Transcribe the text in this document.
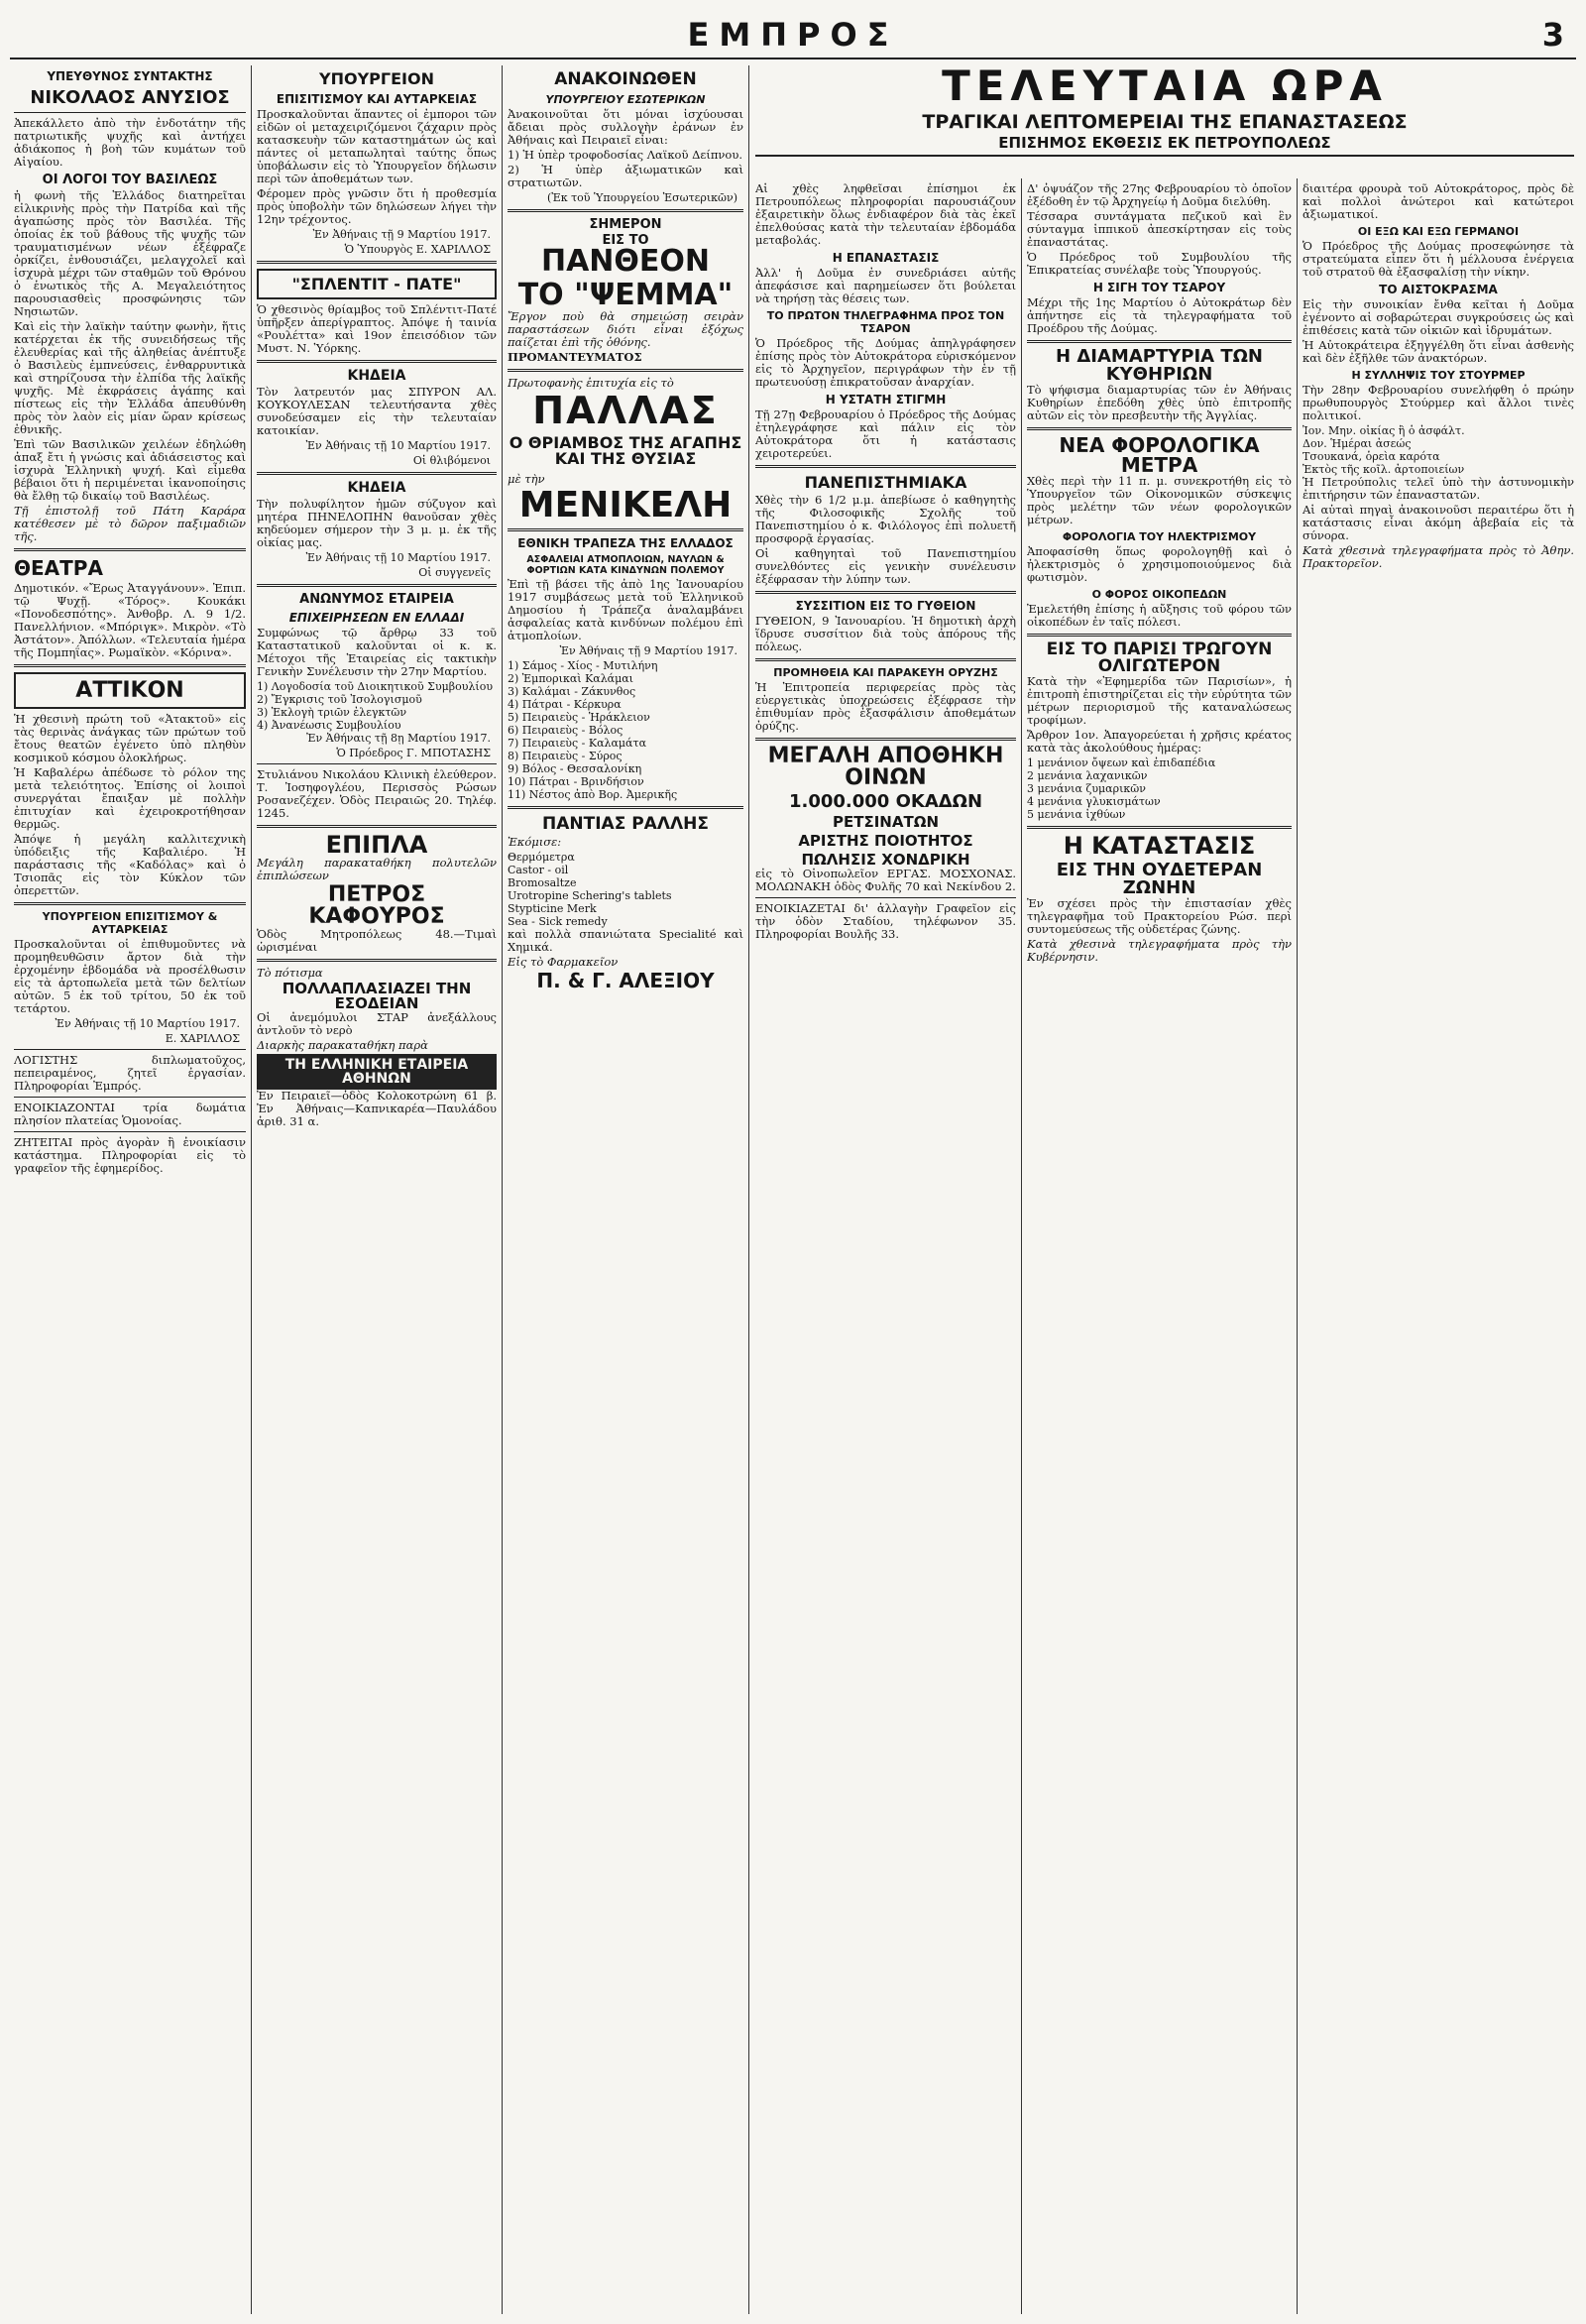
ΕΜΠΡΟΣ	3
ΥΠΕΥΘΥΝΟΣ ΣΥΝΤΑΚΤΗΣ
ΝΙΚΟΛΑΟΣ ΑΝΥΣΙΟΣ

Ἀπεκάλλετο ἀπὸ τὴν ἐνδοτάτην τῆς πατριωτικῆς ψυχῆς καὶ ἀντήχει ἀδιάκοπος ἡ βοὴ τῶν κυμάτων τοῦ Αἰγαίου.

ΟΙ ΛΟΓΟΙ ΤΟΥ ΒΑΣΙΛΕΩΣ

ἡ φωνὴ τῆς Ἑλλάδος διατηρεῖται εἰλικρινὴς πρὸς τὴν Πατρίδα καὶ τῆς ἀγαπώσης πρὸς τὸν Βασιλέα. Τῆς ὁποίας ἐκ τοῦ βάθους τῆς ψυχῆς τῶν τραυματισμένων νέων ἐξέφραζε ὁρκίζει, ἐνθουσιάζει, μελαγχολεῖ καὶ ἰσχυρὰ μέχρι τῶν σταθμῶν τοῦ Θρόνου ὁ ἑνωτικὸς τῆς Α. Μεγαλειότητος παρουσιασθεὶς προσφώνησις τῶν Νησιωτῶν.

Καὶ εἰς τὴν λαϊκὴν ταύτην φωνὴν, ἥτις κατέρχεται ἐκ τῆς συνειδήσεως τῆς ἐλευθερίας καὶ τῆς ἀληθείας ἀνέπτυξε ὁ Βασιλεὺς ἐμπνεύσεις, ἐνθαρρυντικὰ καὶ στηρίζουσα τὴν ἐλπίδα τῆς λαϊκῆς ψυχῆς. Μὲ ἐκφράσεις ἀγάπης καὶ πίστεως εἰς τὴν Ἑλλάδα ἀπευθύνθη πρὸς τὸν λαὸν εἰς μίαν ὥραν κρίσεως ἐθνικῆς.

Ἐπὶ τῶν Βασιλικῶν χειλέων ἐδηλώθη ἀπαξ ἔτι ἡ γνώσις καὶ ἀδιάσειστος καὶ ἰσχυρὰ Ἑλληνικὴ ψυχή. Καὶ εἶμεθα βέβαιοι ὅτι ἡ περιμένεται ἱκανοποίησις θὰ ἔλθῃ τῷ δικαίῳ τοῦ Βασιλέως.

Τῇ ἐπιστολῇ τοῦ Πάτη Καράρα κατέθεσεν μὲ τὸ δῶρον παξιμαδιῶν τῆς.

ΘΕΑΤΡΑ

Δημοτικόν. «Ἔρως Ἀταγγάνουν». Ἐπιπ. τῷ Ψυχῇ. «Τόρος». Κουκάκι «Πονοδεσπότης». Ἀνθοβρ. Λ. 9 1/2. Πανελλήνιον. «Μπόριγκ». Μικρὸν. «Τὸ Ἀστάτον». Ἀπόλλων. «Τελευταία ἡμέρα τῆς Πομπηΐας». Ρωμαϊκὸν. «Κόρινα».

ΑΤΤΙΚΟΝ

Ἡ χθεσινὴ πρώτη τοῦ «Ἀτακτοῦ» εἰς τὰς θερινὰς ἀνάγκας τῶν πρώτων τοῦ ἔτους θεατῶν ἐγένετο ὑπὸ πληθὺν κοσμικοῦ κόσμου ὀλοκλήρως.

Ἡ Καβαλέρω ἀπέδωσε τὸ ρόλον της μετὰ τελειότητος. Ἐπίσης οἱ λοιποὶ συνεργάται ἔπαιξαν μὲ πολλὴν ἐπιτυχίαν καὶ ἐχειροκροτήθησαν θερμῶς.

Ἀπόψε ἡ μεγάλη καλλιτεχνικὴ ὑπόδειξις τῆς Καβαλιέρο. Ἡ παράστασις τῆς «Καδόλας» καὶ ὁ Τσιοπᾶς εἰς τὸν Κύκλον τῶν ὀπερεττῶν.

ΥΠΟΥΡΓΕΙΟΝ ΕΠΙΣΙΤΙΣΜΟΥ & ΑΥΤΑΡΚΕΙΑΣ

Προσκαλοῦνται οἱ ἐπιθυμοῦντες νὰ προμηθευθῶσιν ἄρτον διὰ τὴν ἐρχομένην ἑβδομάδα νὰ προσέλθωσιν εἰς τὰ ἀρτοπωλεῖα μετὰ τῶν δελτίων αὐτῶν. 5 ἐκ τοῦ τρίτου, 50 ἐκ τοῦ τετάρτου.

Ἐν Ἀθήναις τῇ 10 Μαρτίου 1917.
Ε. ΧΑΡΙΛΛΟΣ

ΛΟΓΙΣΤΗΣ διπλωματοῦχος, πεπειραμένος, ζητεῖ ἐργασίαν. Πληροφορίαι Ἐμπρός.

ΕΝΟΙΚΙΑΖΟΝΤΑΙ τρία δωμάτια πλησίον πλατείας Ὁμονοίας.

ΖΗΤΕΙΤΑΙ πρὸς ἀγορὰν ἢ ἐνοικίασιν κατάστημα. Πληροφορίαι εἰς τὸ γραφεῖον τῆς ἐφημερίδος.

ΥΠΟΥΡΓΕΙΟΝ
ΕΠΙΣΙΤΙΣΜΟΥ ΚΑΙ ΑΥΤΑΡΚΕΙΑΣ

Προσκαλοῦνται ἅπαντες οἱ ἐμποροι τῶν εἰδῶν οἱ μεταχειριζόμενοι ζάχαριν πρὸς κατασκευὴν τῶν καταστημάτων ὡς καὶ πάντες οἱ μεταπωληταὶ ταύτης ὅπως ὑποβάλωσιν εἰς τὸ Ὑπουργεῖον δήλωσιν περὶ τῶν ἀποθεμάτων των.

Φέρομεν πρὸς γνῶσιν ὅτι ἡ προθεσμία πρὸς ὑποβολὴν τῶν δηλώσεων λήγει τὴν 12ην τρέχοντος.

Ἐν Ἀθήναις τῇ 9 Μαρτίου 1917.
Ὁ Ὑπουργὸς Ε. ΧΑΡΙΛΛΟΣ
"ΣΠΛΕΝΤΙΤ - ΠΑΤΕ"

Ὁ χθεσινὸς θρίαμβος τοῦ Σπλέντιτ-Πατέ ὑπῆρξεν ἀπερίγραπτος. Ἀπόψε ἡ ταινία «Ρουλέττα» καὶ 19ον ἐπεισόδιον τῶν Μυστ. Ν. Ὑόρκης.

ΚΗΔΕΙΑ

Τὸν λατρευτόν μας ΣΠΥΡΟΝ ΑΛ. ΚΟΥΚΟΥΛΕΣΑΝ τελευτήσαντα χθὲς συνοδεύσαμεν εἰς τὴν τελευταίαν κατοικίαν.

Ἐν Ἀθήναις τῇ 10 Μαρτίου 1917.
Οἱ θλιβόμενοι
ΚΗΔΕΙΑ

Τὴν πολυφίλητον ἡμῶν σύζυγον καὶ μητέρα ΠΗΝΕΛΟΠΗΝ θανοῦσαν χθὲς κηδεύομεν σήμερον τὴν 3 μ. μ. ἐκ τῆς οἰκίας μας.

Ἐν Ἀθήναις τῇ 10 Μαρτίου 1917.
Οἱ συγγενεῖς
ΑΝΩΝΥΜΟΣ ΕΤΑΙΡΕΙΑ
ΕΠΙΧΕΙΡΗΣΕΩΝ ΕΝ ΕΛΛΑΔΙ

Συμφώνως τῷ ἄρθρῳ 33 τοῦ Καταστατικοῦ καλοῦνται οἱ κ. κ. Μέτοχοι τῆς Ἑταιρείας εἰς τακτικὴν Γενικὴν Συνέλευσιν τὴν 27ην Μαρτίου.

1) Λογοδοσία τοῦ Διοικητικοῦ Συμβουλίου
2) Ἔγκρισις τοῦ Ἰσολογισμοῦ
3) Ἐκλογὴ τριῶν ἐλεγκτῶν
4) Ἀνανέωσις Συμβουλίου
Ἐν Ἀθήναις τῇ 8ῃ Μαρτίου 1917.
Ὁ Πρόεδρος Γ. ΜΠΟΤΑΣΗΣ

Στυλιάνου Νικολάου Κλινικὴ ἐλεύθερον. Τ. Ἰοσηφογλέου, Περισσὸς Ρώσων Ροσανεζέχεν. Ὁδὸς Πειραιῶς 20. Τηλέφ. 1245.

ΕΠΙΠΛΑ

Μεγάλη παρακαταθήκη πολυτελῶν ἐπιπλώσεων

ΠΕΤΡΟΣ ΚΑΦΟΥΡΟΣ

Ὁδὸς Μητροπόλεως 48.—Τιμαὶ ὡρισμέναι

Τὸ πότισμα

ΠΟΛΛΑΠΛΑΣΙΑΖΕΙ ΤΗΝ ΕΣΟΔΕΙΑΝ

Οἱ ἀνεμόμυλοι ΣΤΑΡ ἀνεξάλλους ἀντλοῦν τὸ νερὸ

Διαρκὴς παρακαταθήκη παρὰ

ΤΗ ΕΛΛΗΝΙΚΗ ΕΤΑΙΡΕΙΑ ΑΘΗΝΩΝ

Ἐν Πειραιεῖ—ὁδὸς Κολοκοτρώνη 61 β. Ἐν Ἀθήναις—Καπνικαρέα—Παυλάδου ἀριθ. 31 α.

ΑΝΑΚΟΙΝΩΘΕΝ
ΥΠΟΥΡΓΕΙΟΥ ΕΣΩΤΕΡΙΚΩΝ

Ἀνακοινοῦται ὅτι μόναι ἰσχύουσαι ἄδειαι πρὸς συλλογὴν ἐράνων ἐν Ἀθήναις καὶ Πειραιεῖ εἶναι:

1) Ἡ ὑπὲρ τροφοδοσίας Λαϊκοῦ Δείπνου.

2) Ἡ ὑπὲρ ἀξιωματικῶν καὶ στρατιωτῶν.

(Ἐκ τοῦ Ὑπουργείου Ἐσωτερικῶν)
ΣΗΜΕΡΟΝ
ΕΙΣ ΤΟ
ΠΑΝΘΕΟΝ
ΤΟ "ΨΕΜΜΑ"

Ἔργον ποὺ θὰ σημειώσῃ σειρὰν παραστάσεων διότι εἶναι ἐξόχως παίζεται ἐπὶ τῆς ὀθόνης.

ΠΡΟΜΑΝΤΕΥΜΑΤΟΣ

Πρωτοφανὴς ἐπιτυχία εἰς τὸ

ΠΑΛΛΑΣ
Ο ΘΡΙΑΜΒΟΣ ΤΗΣ ΑΓΑΠΗΣ ΚΑΙ ΤΗΣ ΘΥΣΙΑΣ

μὲ τὴν

ΜΕΝΙΚΕΛΗ
ΕΘΝΙΚΗ ΤΡΑΠΕΖΑ ΤΗΣ ΕΛΛΑΔΟΣ
ΑΣΦΑΛΕΙΑΙ ΑΤΜΟΠΛΟΙΩΝ, ΝΑΥΛΩΝ & ΦΟΡΤΙΩΝ ΚΑΤΑ ΚΙΝΔΥΝΩΝ ΠΟΛΕΜΟΥ

Ἐπὶ τῇ βάσει τῆς ἀπὸ 1ης Ἰανουαρίου 1917 συμβάσεως μετὰ τοῦ Ἑλληνικοῦ Δημοσίου ἡ Τράπεζα ἀναλαμβάνει ἀσφαλείας κατὰ κινδύνων πολέμου ἐπὶ ἀτμοπλοίων.

Ἐν Ἀθήναις τῇ 9 Μαρτίου 1917.
1) Σάμος - Χίος - Μυτιλήνη
2) Ἐμπορικαὶ Καλάμαι
3) Καλάμαι - Ζάκυνθος
4) Πάτραι - Κέρκυρα
5) Πειραιεὺς - Ἡράκλειον
6) Πειραιεὺς - Βόλος
7) Πειραιεὺς - Καλαμάτα
8) Πειραιεὺς - Σύρος
9) Βόλος - Θεσσαλονίκη
10) Πάτραι - Βρινδήσιον
11) Νέστος ἀπὸ Βορ. Ἀμερικῆς
ΠΑΝΤΙΑΣ ΡΑΛΛΗΣ

Ἐκόμισε:

Θερμόμετρα
Castor - oil
Bromosaltze
Urotropine Schering's tablets
Stypticine Merk
Sea - Sick remedy

καὶ πολλὰ σπανιώτατα Specialité καὶ Χημικά.

Εἰς τὸ Φαρμακεῖον

Π. & Γ. ΑΛΕΞΙΟΥ
ΤΕΛΕΥΤΑΙΑ ΩΡΑ
ΤΡΑΓΙΚΑΙ ΛΕΠΤΟΜΕΡΕΙΑΙ ΤΗΣ ΕΠΑΝΑΣΤΑΣΕΩΣ
ΕΠΙΣΗΜΟΣ ΕΚΘΕΣΙΣ ΕΚ ΠΕΤΡΟΥΠΟΛΕΩΣ

Αἱ χθὲς ληφθεῖσαι ἐπίσημοι ἐκ Πετρουπόλεως πληροφορίαι παρουσιάζουν ἐξαιρετικὴν ὅλως ἐνδιαφέρον διὰ τὰς ἐκεῖ ἐπελθούσας κατὰ τὴν τελευταίαν ἑβδομάδα μεταβολάς.

Η ΕΠΑΝΑΣΤΑΣΙΣ

Ἀλλ' ἡ Δοῦμα ἐν συνεδριάσει αὐτῆς ἀπεφάσισε καὶ παρημείωσεν ὅτι βούλεται νὰ τηρήσῃ τὰς θέσεις των.

ΤΟ ΠΡΩΤΟΝ ΤΗΛΕΓΡΑΦΗΜΑ ΠΡΟΣ ΤΟΝ ΤΣΑΡΟΝ

Ὁ Πρόεδρος τῆς Δούμας ἀπηλγράφησεν ἐπίσης πρὸς τὸν Αὐτοκράτορα εὑρισκόμενον εἰς τὸ Ἀρχηγεῖον, περιγράφων τὴν ἐν τῇ πρωτευούσῃ ἐπικρατοῦσαν ἀναρχίαν.

Η ΥΣΤΑΤΗ ΣΤΙΓΜΗ

Τῇ 27ῃ Φεβρουαρίου ὁ Πρόεδρος τῆς Δούμας ἐτηλεγράφησε καὶ πάλιν εἰς τὸν Αὐτοκράτορα ὅτι ἡ κατάστασις χειροτερεύει.

ΠΑΝΕΠΙΣΤΗΜΙΑΚΑ

Χθὲς τὴν 6 1/2 μ.μ. ἀπεβίωσε ὁ καθηγητὴς τῆς Φιλοσοφικῆς Σχολῆς τοῦ Πανεπιστημίου ὁ κ. Φιλόλογος ἐπὶ πολυετῆ προσφορᾷ ἐργασίας.

Οἱ καθηγηταὶ τοῦ Πανεπιστημίου συνελθόντες εἰς γενικὴν συνέλευσιν ἐξέφρασαν τὴν λύπην των.

ΣΥΣΣΙΤΙΟΝ ΕΙΣ ΤΟ ΓΥΘΕΙΟΝ

ΓΥΘΕΙΟΝ, 9 Ἰανουαρίου. Ἡ δημοτικὴ ἀρχὴ ἵδρυσε συσσίτιον διὰ τοὺς ἀπόρους τῆς πόλεως.

ΠΡΟΜΗΘΕΙΑ ΚΑΙ ΠΑΡΑΚΕΥΗ ΟΡΥΖΗΣ

Ἡ Ἐπιτροπεία περιφερείας πρὸς τὰς εὐεργετικὰς ὑποχρεώσεις ἐξέφρασε τὴν ἐπιθυμίαν πρὸς ἐξασφάλισιν ἀποθεμάτων ὀρύζης.

ΜΕΓΑΛΗ ΑΠΟΘΗΚΗ ΟΙΝΩΝ
1.000.000 ΟΚΑΔΩΝ
ΡΕΤΣΙΝΑΤΩΝ
ΑΡΙΣΤΗΣ ΠΟΙΟΤΗΤΟΣ
ΠΩΛΗΣΙΣ ΧΟΝΔΡΙΚΗ

εἰς τὸ Οἰνοπωλεῖον ΕΡΓΑΣ. ΜΟΣΧΟΝΑΣ. ΜΟΛΩΝΑΚΗ ὁδὸς Φυλῆς 70 καὶ Νεκίνδου 2.

ΕΝΟΙΚΙΑΖΕΤΑΙ δι' ἀλλαγὴν Γραφεῖον εἰς τὴν ὁδὸν Σταδίου, τηλέφωνον 35. Πληροφορίαι Βουλῆς 33.

Δ' ὀψυάζον τῆς 27ης Φεβρουαρίου τὸ ὁποῖον ἐξέδοθη ἐν τῷ Ἀρχηγείῳ ἡ Δοῦμα διελύθη.

Τέσσαρα συντάγματα πεζικοῦ καὶ ἓν σύνταγμα ἱππικοῦ ἀπεσκίρτησαν εἰς τοὺς ἐπαναστάτας.

Ὁ Πρόεδρος τοῦ Συμβουλίου τῆς Ἐπικρατείας συνέλαβε τοὺς Ὑπουργούς.

Η ΣΙΓΗ ΤΟΥ ΤΣΑΡΟΥ

Μέχρι τῆς 1ης Μαρτίου ὁ Αὐτοκράτωρ δὲν ἀπήντησε εἰς τὰ τηλεγραφήματα τοῦ Προέδρου τῆς Δούμας.

Η ΔΙΑΜΑΡΤΥΡΙΑ ΤΩΝ ΚΥΘΗΡΙΩΝ

Τὸ ψήφισμα διαμαρτυρίας τῶν ἐν Ἀθήναις Κυθηρίων ἐπεδόθη χθὲς ὑπὸ ἐπιτροπῆς αὐτῶν εἰς τὸν πρεσβευτὴν τῆς Ἀγγλίας.

ΝΕΑ ΦΟΡΟΛΟΓΙΚΑ ΜΕΤΡΑ

Χθὲς περὶ τὴν 11 π. μ. συνεκροτήθη εἰς τὸ Ὑπουργεῖον τῶν Οἰκονομικῶν σύσκεψις πρὸς μελέτην τῶν νέων φορολογικῶν μέτρων.

ΦΟΡΟΛΟΓΙΑ ΤΟΥ ΗΛΕΚΤΡΙΣΜΟΥ

Ἀποφασίσθη ὅπως φορολογηθῇ καὶ ὁ ἠλεκτρισμὸς ὁ χρησιμοποιούμενος διὰ φωτισμὸν.

Ο ΦΟΡΟΣ ΟΙΚΟΠΕΔΩΝ

Ἐμελετήθη ἐπίσης ἡ αὔξησις τοῦ φόρου τῶν οἰκοπέδων ἐν ταῖς πόλεσι.

ΕΙΣ ΤΟ ΠΑΡΙΣΙ ΤΡΩΓΟΥΝ ΟΛΙΓΩΤΕΡΟΝ

Κατὰ τὴν «Ἐφημερίδα τῶν Παρισίων», ἡ ἐπιτροπὴ ἐπιστηρίζεται εἰς τὴν εὐρύτητα τῶν μέτρων περιορισμοῦ τῆς καταναλώσεως τροφίμων.

Ἄρθρον 1ον. Ἀπαγορεύεται ἡ χρῆσις κρέατος κατὰ τὰς ἀκολούθους ἡμέρας:

1 μενάνιον ὄψεων καὶ ἐπιδαπέδια
2 μενάνια λαχανικῶν
3 μενάνια ζυμαρικῶν
4 μενάνια γλυκισμάτων
5 μενάνια ἰχθύων
Η ΚΑΤΑΣΤΑΣΙΣ
ΕΙΣ ΤΗΝ ΟΥΔΕΤΕΡΑΝ ΖΩΝΗΝ

Ἐν σχέσει πρὸς τὴν ἐπιστασίαν χθὲς τηλεγραφῆμα τοῦ Πρακτορείου Ρώσ. περὶ συντομεύσεως τῆς οὐδετέρας ζώνης.

Κατὰ χθεσινὰ τηλεγραφήματα πρὸς τὴν Κυβέρνησιν.

διαιτέρα φρουρὰ τοῦ Αὐτοκράτορος, πρὸς δὲ καὶ πολλοὶ ἀνώτεροι καὶ κατώτεροι ἀξιωματικοί.

ΟΙ ΕΞΩ ΚΑΙ ΕΞΩ ΓΕΡΜΑΝΟΙ

Ὁ Πρόεδρος τῆς Δούμας προσεφώνησε τὰ στρατεύματα εἶπεν ὅτι ἡ μέλλουσα ἐνέργεια τοῦ στρατοῦ θὰ ἐξασφαλίσῃ τὴν νίκην.

ΤΟ ΑΙΣΤΟΚΡΑΣΜΑ

Εἰς τὴν συνοικίαν ἔνθα κεῖται ἡ Δοῦμα ἐγένοντο αἱ σοβαρώτεραι συγκρούσεις ὡς καὶ ἐπιθέσεις κατὰ τῶν οἰκιῶν καὶ ἱδρυμάτων.

Ἡ Αὐτοκράτειρα ἐξηγγέλθη ὅτι εἶναι ἀσθενὴς καὶ δὲν ἐξῆλθε τῶν ἀνακτόρων.

Η ΣΥΛΛΗΨΙΣ ΤΟΥ ΣΤΟΥΡΜΕΡ

Τὴν 28ην Φεβρουαρίου συνελήφθη ὁ πρώην πρωθυπουργὸς Στούρμερ καὶ ἄλλοι τινὲς πολιτικοί.

Ἰον. Μην. οἰκίας ἢ ὁ ἀσφάλτ.
Δον. Ἡμέραι ἀσεώς
Τσουκανά, ὁρεὶα καρότα
Ἐκτὸς τῆς κοῖλ. ἀρτοποιείων

Ἡ Πετρούπολις τελεῖ ὑπὸ τὴν ἀστυνομικὴν ἐπιτήρησιν τῶν ἐπαναστατῶν.

Αἱ αὐταὶ πηγαὶ ἀνακοινοῦσι περαιτέρω ὅτι ἡ κατάστασις εἶναι ἀκόμη ἀβεβαία εἰς τὰ σύνορα.

Κατὰ χθεσινὰ τηλεγραφήματα πρὸς τὸ Ἀθην. Πρακτορεῖον.
